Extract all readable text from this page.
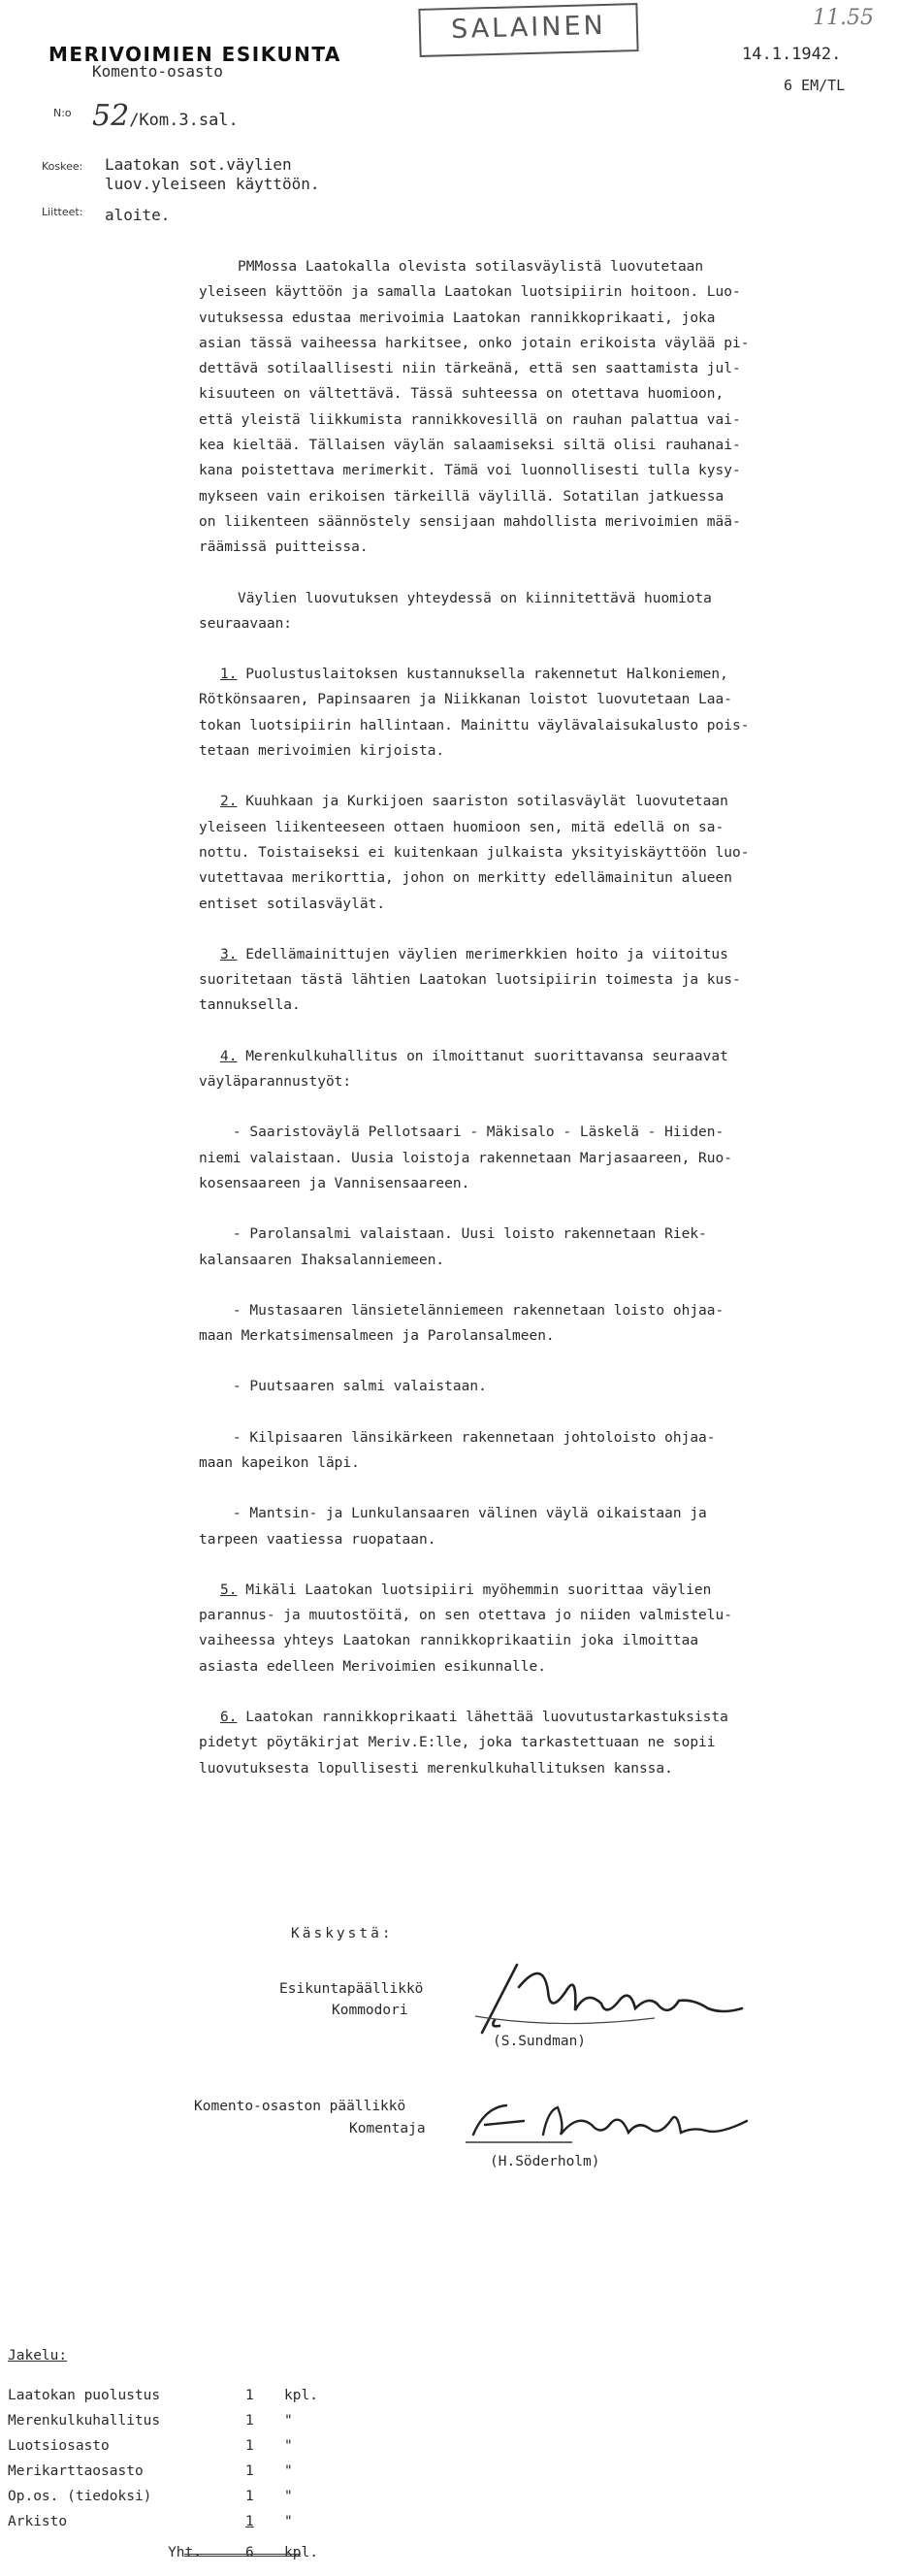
MERIVOIMIEN ESIKUNTA
Komento-osasto
SALAINEN
14.1.1942.
6 EM/TL
11.55
N:o 52/Kom.3.sal.
Koskee: Laatokan sot.väylien
luov.yleiseen käyttöön.
Liitteet: aloite.

PMMossa Laatokalla olevista sotilasväylistä luovutetaan
yleiseen käyttöön ja samalla Laatokan luotsipiirin hoitoon. Luo-
vutuksessa edustaa merivoimia Laatokan rannikkoprikaati, joka
asian tässä vaiheessa harkitsee, onko jotain erikoista väylää pi-
dettävä sotilaallisesti niin tärkeänä, että sen saattamista jul-
kisuuteen on vältettävä. Tässä suhteessa on otettava huomioon,
että yleistä liikkumista rannikkovesillä on rauhan palattua vai-
kea kieltää. Tällaisen väylän salaamiseksi siltä olisi rauhanai-
kana poistettava merimerkit. Tämä voi luonnollisesti tulla kysy-
mykseen vain erikoisen tärkeillä väylillä. Sotatilan jatkuessa
on liikenteen säännöstely sensijaan mahdollista merivoimien mää-
räämissä puitteissa.

Väylien luovutuksen yhteydessä on kiinnitettävä huomiota
seuraavaan:

1. Puolustuslaitoksen kustannuksella rakennetut Halkoniemen,
Rötkönsaaren, Papinsaaren ja Niikkanan loistot luovutetaan Laa-
tokan luotsipiirin hallintaan. Mainittu väylävalaisukalusto pois-
tetaan merivoimien kirjoista.

2. Kuuhkaan ja Kurkijoen saariston sotilasväylät luovutetaan
yleiseen liikenteeseen ottaen huomioon sen, mitä edellä on sa-
nottu. Toistaiseksi ei kuitenkaan julkaista yksityiskäyttöön luo-
vutettavaa merikorttia, johon on merkitty edellämainitun alueen
entiset sotilasväylät.

3. Edellämainittujen väylien merimerkkien hoito ja viitoitus
suoritetaan tästä lähtien Laatokan luotsipiirin toimesta ja kus-
tannuksella.

4. Merenkulkuhallitus on ilmoittanut suorittavansa seuraavat
väyläparannustyöt:

- Saaristoväylä Pellotsaari - Mäkisalo - Läskelä - Hiiden-
niemi valaistaan. Uusia loistoja rakennetaan Marjasaareen, Ruo-
kosensaareen ja Vannisensaareen.

- Parolansalmi valaistaan. Uusi loisto rakennetaan Riek-
kalansaaren Ihaksalanniemeen.

- Mustasaaren länsietelänniemeen rakennetaan loisto ohjaa-
maan Merkatsimensalmeen ja Parolansalmeen.

- Puutsaaren salmi valaistaan.

- Kilpisaaren länsikärkeen rakennetaan johtoloisto ohjaa-
maan kapeikon läpi.

- Mantsin- ja Lunkulansaaren välinen väylä oikaistaan ja
tarpeen vaatiessa ruopataan.

5. Mikäli Laatokan luotsipiiri myöhemmin suorittaa väylien
parannus- ja muutostöitä, on sen otettava jo niiden valmistelu-
vaiheessa yhteys Laatokan rannikkoprikaatiin joka ilmoittaa
asiasta edelleen Merivoimien esikunnalle.

6. Laatokan rannikkoprikaati lähettää luovutustarkastuksista
pidetyt pöytäkirjat Meriv.E:lle, joka tarkastettuaan ne sopii
luovutuksesta lopullisesti merenkulkuhallituksen kanssa.

Käskystä:
Esikuntapäällikkö
Kommodori
(S.Sundman)
Komento-osaston päällikkö
Komentaja
(H.Söderholm)
Jakelu:
Laatokan puolustus	1	kpl.
Merenkulkuhallitus	1	"
Luotsiosasto	1	"
Merikarttaosasto	1	"
Op.os. (tiedoksi)	1	"
Arkisto	1	"
Yht.	6	kpl.
